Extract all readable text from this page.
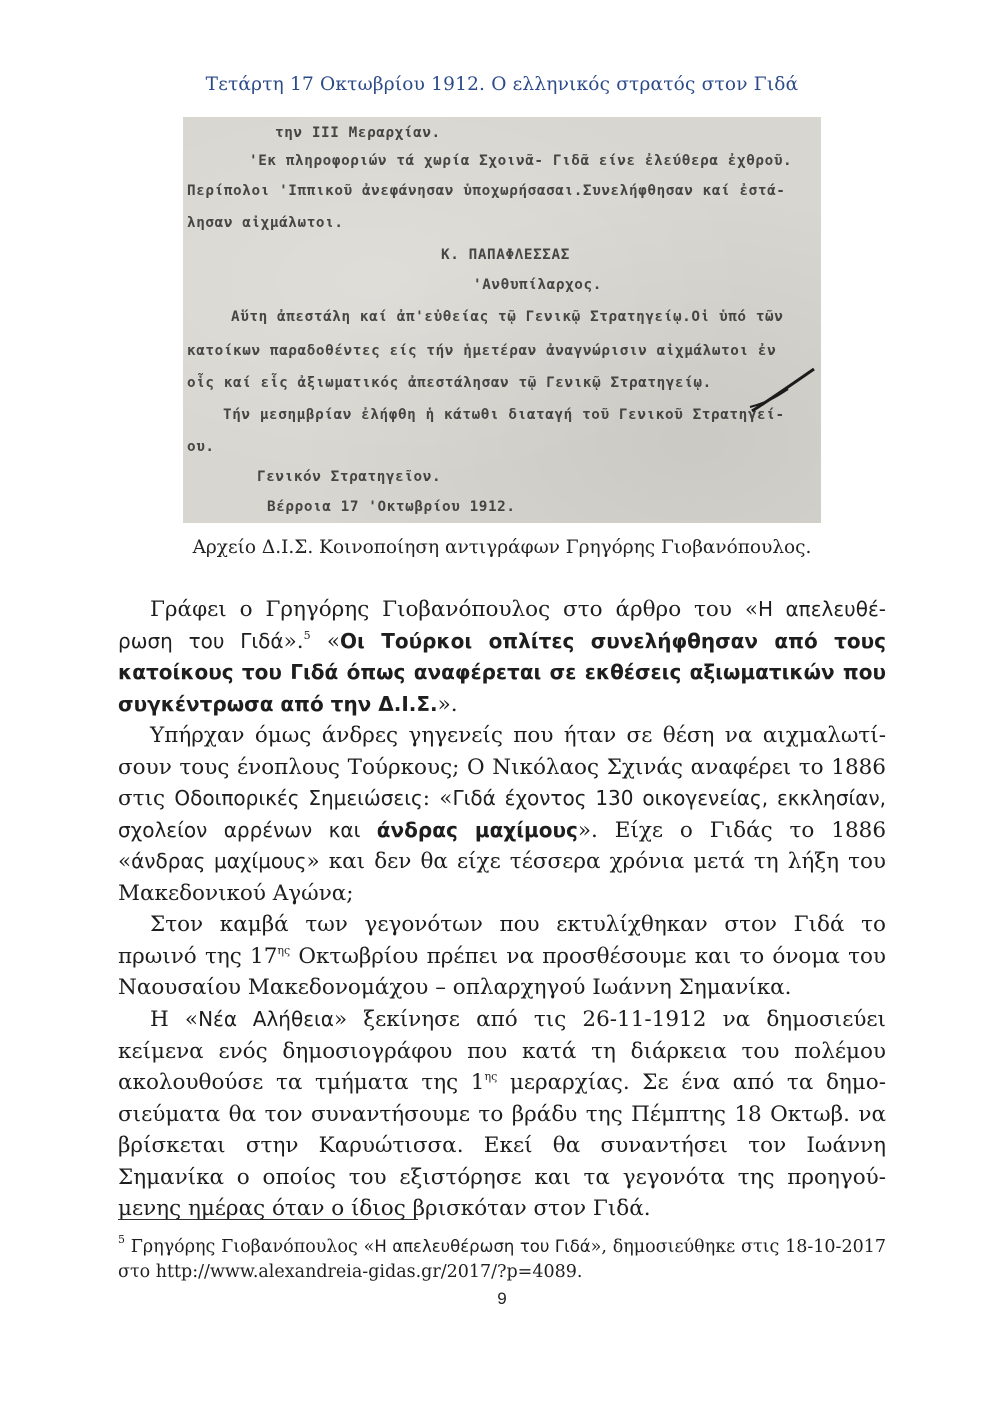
Τετάρτη 17 Οκτωβρίου 1912. Ο ελληνικός στρατός στον Γιδά
την ΙΙΙ Μεραρχίαν.
'Εκ πληροφοριών τά χωρία Σχοινᾶ- Γιδᾶ είνε ἐλεύθερα ἐχθροῦ.
Περίπολοι 'Ιππικοῦ ἀνεφάνησαν ὑποχωρήσασαι.Συνελήφθησαν καί ἐστά-
λησαν αἰχμάλωτοι.
Κ. ΠΑΠΑΦΛΕΣΣΑΣ
'Ανθυπίλαρχος.
Αὕτη ἀπεστάλη καί ἀπ'εὐθείας τῷ Γενικῷ Στρατηγείῳ.Οἱ ὑπό τῶν
κατοίκων παραδοθέντες είς τήν ἡμετέραν ἀναγνώρισιν αἰχμάλωτοι ἐν
οἷς καί εἷς ἀξιωματικός ἀπεστάλησαν τῷ Γενικῷ Στρατηγείῳ.
Τήν μεσημβρίαν ἐλήφθη ἡ κάτωθι διαταγή τοῦ Γενικοῦ Στρατηγεί-
ου.
Γενικόν Στρατηγεῖον.
Βέρροια 17 'Οκτωβρίου 1912.
Αρχείο Δ.Ι.Σ. Κοινοποίηση αντιγράφων Γρηγόρης Γιοβανόπουλος.

Γράφει ο Γρηγόρης Γιοβανόπουλος στο άρθρο του «Η απελευθέ-ρωση του Γιδά».$^5$ «Οι Τούρκοι οπλίτες συνελήφθησαν από τους κατοίκους του Γιδά όπως αναφέρεται σε εκθέσεις αξιωματικών που συγκέντρωσα από την Δ.Ι.Σ.».

Υπήρχαν όμως άνδρες γηγενείς που ήταν σε θέση να αιχμαλωτί-σουν τους ένοπλους Τούρκους; Ο Νικόλαος Σχινάς αναφέρει το 1886 στις Οδοιπορικές Σημειώσεις: «Γιδά έχοντος 130 οικογενείας, εκκλησίαν, σχολείον αρρένων και άνδρας μαχίμους». Είχε ο Γιδάς το 1886 «άνδρας μαχίμους» και δεν θα είχε τέσσερα χρόνια μετά τη λήξη του Μακεδονικού Αγώνα;

Στον καμβά των γεγονότων που εκτυλίχθηκαν στον Γιδά το πρωινό της $17^{\eta\varsigma}$ Οκτωβρίου πρέπει να προσθέσουμε και το όνομα του Ναουσαίου Μακεδονομάχου – οπλαρχηγού Ιωάννη Σημανίκα.

Η «Νέα Αλήθεια» ξεκίνησε από τις 26-11-1912 να δημοσιεύει κείμενα ενός δημοσιογράφου που κατά τη διάρκεια του πολέμου ακολουθούσε τα τμήματα της $1^{\eta\varsigma}$ μεραρχίας. Σε ένα από τα δημο-σιεύματα θα τον συναντήσουμε το βράδυ της Πέμπτης 18 Οκτωβ. να βρίσκεται στην Καρυώτισσα. Εκεί θα συναντήσει τον Ιωάννη Σημανίκα ο οποίος του εξιστόρησε και τα γεγονότα της προηγού-μενης ημέρας όταν ο ίδιος βρισκόταν στον Γιδά.

$^5$ Γρηγόρης Γιοβανόπουλος «Η απελευθέρωση του Γιδά», δημοσιεύθηκε στις 18-10-2017 στο http://www.alexandreia-gidas.gr/2017/?p=4089.

9
